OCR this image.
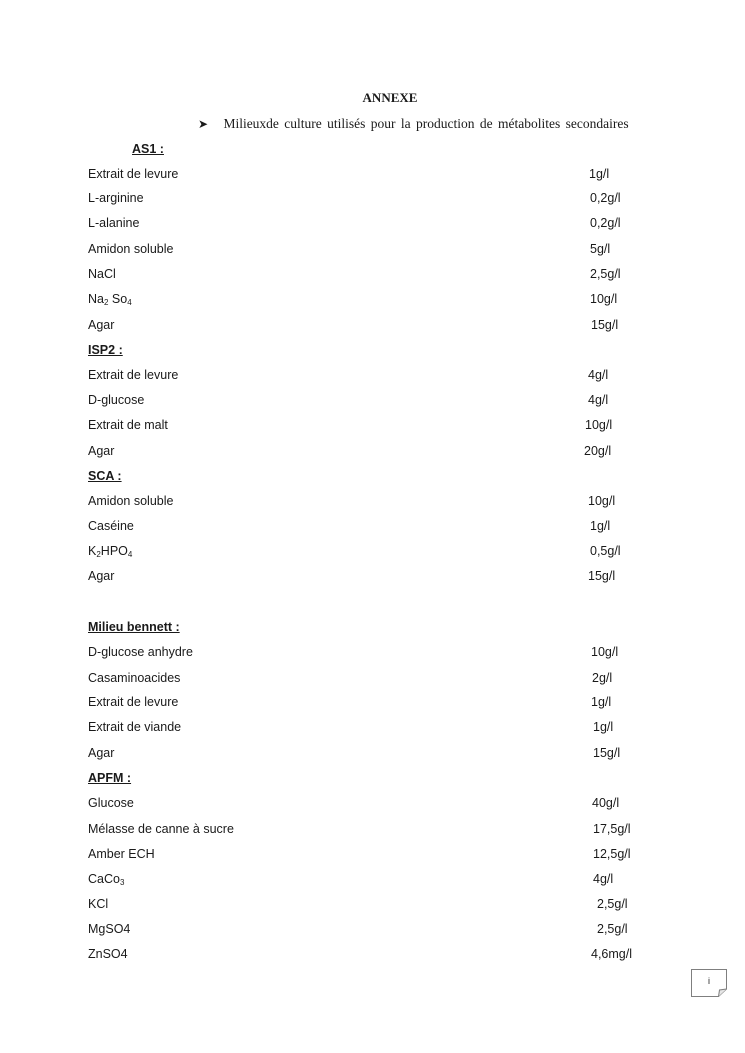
ANNEXE
➤ Milieuxde culture utilisés pour la production de métabolites secondaires
AS1 :
Extrait de levure	1g/l
L-arginine	0,2g/l
L-alanine	0,2g/l
Amidon soluble	5g/l
NaCl	2,5g/l
$Na_2$ $So_4$	10g/l
Agar	15g/l
ISP2 :
Extrait de levure	4g/l
D-glucose	4g/l
Extrait de malt	10g/l
Agar	20g/l
SCA :
Amidon soluble	10g/l
Caséine	1g/l
$K_2HPO_4$	0,5g/l
Agar	15g/l
Milieu bennett :
D-glucose anhydre	10g/l
Casaminoacides	2g/l
Extrait de levure	1g/l
Extrait de viande	1g/l
Agar	15g/l
APFM :
Glucose	40g/l
Mélasse de canne à sucre	17,5g/l
Amber ECH	12,5g/l
CaCo$_3$	4g/l
KCl	2,5g/l
MgSO4	2,5g/l
ZnSO4	4,6mg/l
i
